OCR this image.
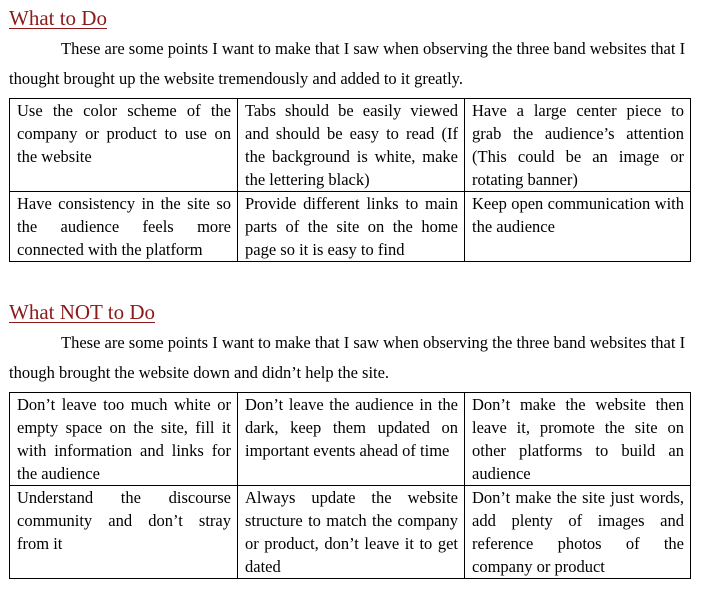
What to Do

These are some points I want to make that I saw when observing the three band websites that I thought brought up the website tremendously and added to it greatly.

Use the color scheme of the company or product to use on the website	Tabs should be easily viewed and should be easy to read (If the background is white, make the lettering black)	Have a large center piece to grab the audience’s attention (This could be an image or rotating banner)
Have consistency in the site so the audience feels more connected with the platform	Provide different links to main parts of the site on the home page so it is easy to find	Keep open communication with the audience
What NOT to Do

These are some points I want to make that I saw when observing the three band websites that I though brought the website down and didn’t help the site.

Don’t leave too much white or empty space on the site, fill it with information and links for the audience	Don’t leave the audience in the dark, keep them updated on important events ahead of time	Don’t make the website then leave it, promote the site on other platforms to build an audience
Understand the discourse community and don’t stray from it	Always update the website structure to match the company or product, don’t leave it to get dated	Don’t make the site just words, add plenty of images and reference photos of the company or product
